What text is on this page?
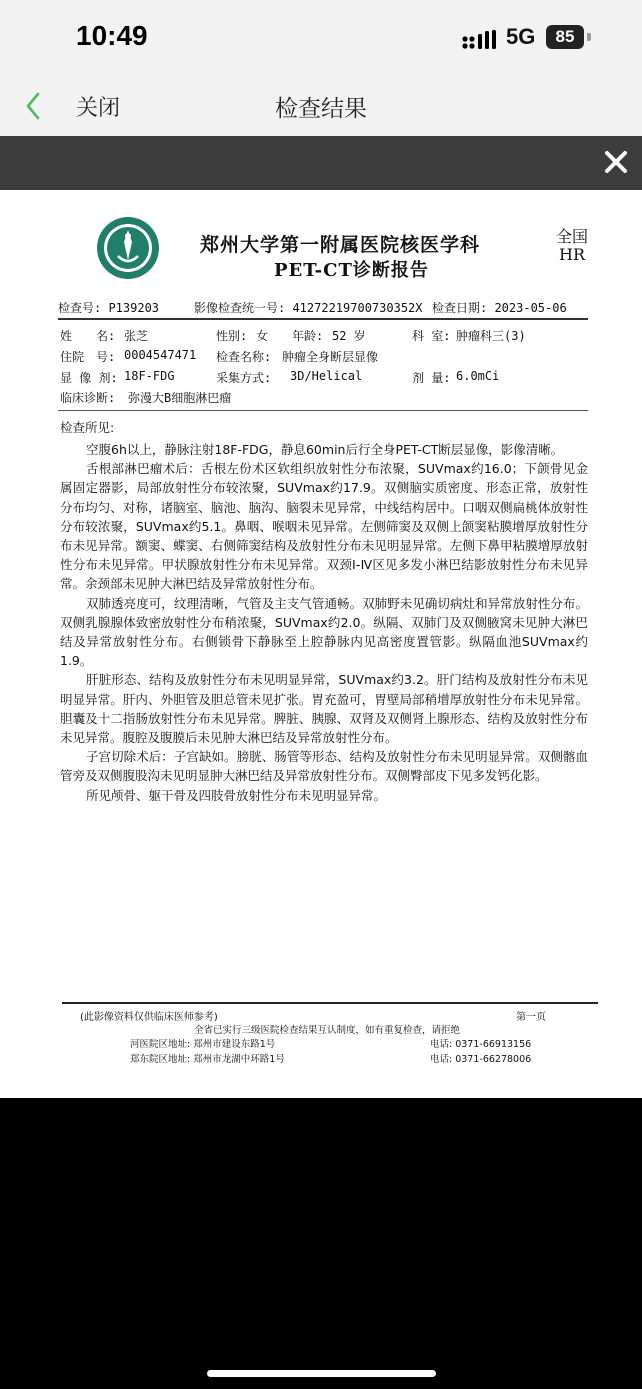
10:49	5G	85
关闭	检查结果
郑州大学第一附属医院核医学科
PET-CT诊断报告
全国
HR
检查号: P139203	影像检查统一号: 41272219700730352X 检查日期: 2023-05-06
姓　　名: 张芝	性别: 女 年龄: 52 岁	科 室: 肿瘤科三(3)
住院　号: 0004547471 检查名称: 肿瘤全身断层显像
显 像 剂: 18F-FDG	采集方式: 3D/Helical	剂 量: 6.0mCi
临床诊断: 弥漫大B细胞淋巴瘤
检查所见:

空腹6h以上，静脉注射18F-FDG，静息60min后行全身PET-CT断层显像，影像清晰。

舌根部淋巴瘤术后：舌根左份术区软组织放射性分布浓聚，SUVmax约16.0；下颌骨见金属固定器影，局部放射性分布较浓聚，SUVmax约17.9。双侧脑实质密度、形态正常，放射性分布均匀、对称，诸脑室、脑池、脑沟、脑裂未见异常，中线结构居中。口咽双侧扁桃体放射性分布较浓聚，SUVmax约5.1。鼻咽、喉咽未见异常。左侧筛窦及双侧上颌窦粘膜增厚放射性分布未见异常。额窦、蝶窦、右侧筛窦结构及放射性分布未见明显异常。左侧下鼻甲粘膜增厚放射性分布未见异常。甲状腺放射性分布未见异常。双颈Ⅰ-Ⅳ区见多发小淋巴结影放射性分布未见异常。余颈部未见肿大淋巴结及异常放射性分布。

双肺透亮度可，纹理清晰，气管及主支气管通畅。双肺野未见确切病灶和异常放射性分布。双侧乳腺腺体致密放射性分布稍浓聚，SUVmax约2.0。纵隔、双肺门及双侧腋窝未见肿大淋巴结及异常放射性分布。右侧锁骨下静脉至上腔静脉内见高密度置管影。纵隔血池SUVmax约1.9。

肝脏形态、结构及放射性分布未见明显异常，SUVmax约3.2。肝门结构及放射性分布未见明显异常。肝内、外胆管及胆总管未见扩张。胃充盈可，胃壁局部稍增厚放射性分布未见异常。胆囊及十二指肠放射性分布未见异常。脾脏、胰腺、双肾及双侧肾上腺形态、结构及放射性分布未见异常。腹腔及腹膜后未见肿大淋巴结及异常放射性分布。

子宫切除术后：子宫缺如。膀胱、肠管等形态、结构及放射性分布未见明显异常。双侧髂血管旁及双侧腹股沟未见明显肿大淋巴结及异常放射性分布。双侧臀部皮下见多发钙化影。

所见颅骨、躯干骨及四肢骨放射性分布未见明显异常。

(此影像资料仅供临床医师参考)	第一页
全省已实行三级医院检查结果互认制度，如有重复检查，请拒绝
河医院区地址: 郑州市建设东路1号	电话: 0371-66913156
郑东院区地址: 郑州市龙湖中环路1号	电话: 0371-66278006
